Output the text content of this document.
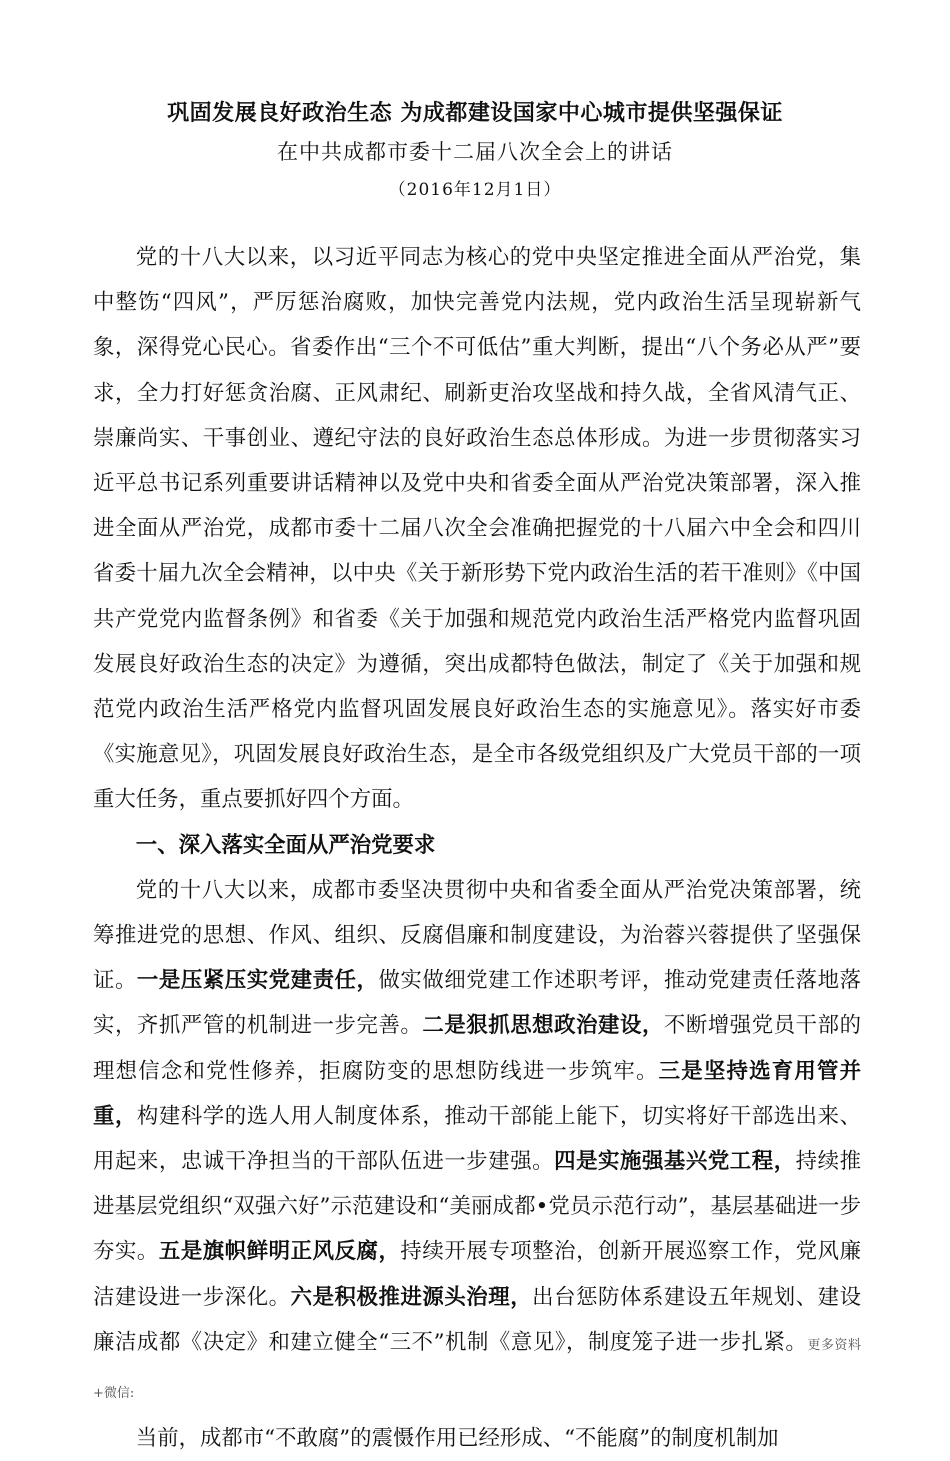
巩固发展良好政治生态 为成都建设国家中心城市提供坚强保证
在中共成都市委十二届八次全会上的讲话
（2016年12月1日）

党的十八大以来，以习近平同志为核心的党中央坚定推进全面从严治党，集中整饬“四风”，严厉惩治腐败，加快完善党内法规，党内政治生活呈现崭新气象，深得党心民心。省委作出“三个不可低估”重大判断，提出“八个务必从严”要求，全力打好惩贪治腐、正风肃纪、刷新吏治攻坚战和持久战，全省风清气正、崇廉尚实、干事创业、遵纪守法的良好政治生态总体形成。为进一步贯彻落实习近平总书记系列重要讲话精神以及党中央和省委全面从严治党决策部署，深入推进全面从严治党，成都市委十二届八次全会准确把握党的十八届六中全会和四川省委十届九次全会精神，以中央《关于新形势下党内政治生活的若干准则》《中国共产党党内监督条例》和省委《关于加强和规范党内政治生活严格党内监督巩固发展良好政治生态的决定》为遵循，突出成都特色做法，制定了《关于加强和规范党内政治生活严格党内监督巩固发展良好政治生态的实施意见》。落实好市委《实施意见》，巩固发展良好政治生态，是全市各级党组织及广大党员干部的一项重大任务，重点要抓好四个方面。

一、深入落实全面从严治党要求

党的十八大以来，成都市委坚决贯彻中央和省委全面从严治党决策部署，统筹推进党的思想、作风、组织、反腐倡廉和制度建设，为治蓉兴蓉提供了坚强保证。一是压紧压实党建责任，做实做细党建工作述职考评，推动党建责任落地落实，齐抓严管的机制进一步完善。二是狠抓思想政治建设，不断增强党员干部的理想信念和党性修养，拒腐防变的思想防线进一步筑牢。三是坚持选育用管并重，构建科学的选人用人制度体系，推动干部能上能下，切实将好干部选出来、用起来，忠诚干净担当的干部队伍进一步建强。四是实施强基兴党工程，持续推进基层党组织“双强六好”示范建设和“美丽成都•党员示范行动”，基层基础进一步夯实。五是旗帜鲜明正风反腐，持续开展专项整治，创新开展巡察工作，党风廉洁建设进一步深化。六是积极推进源头治理，出台惩防体系建设五年规划、建设廉洁成都《决定》和建立健全“三不”机制《意见》，制度笼子进一步扎紧。更多资料 +微信:

当前，成都市“不敢腐”的震慑作用已经形成、“不能腐”的制度机制加
